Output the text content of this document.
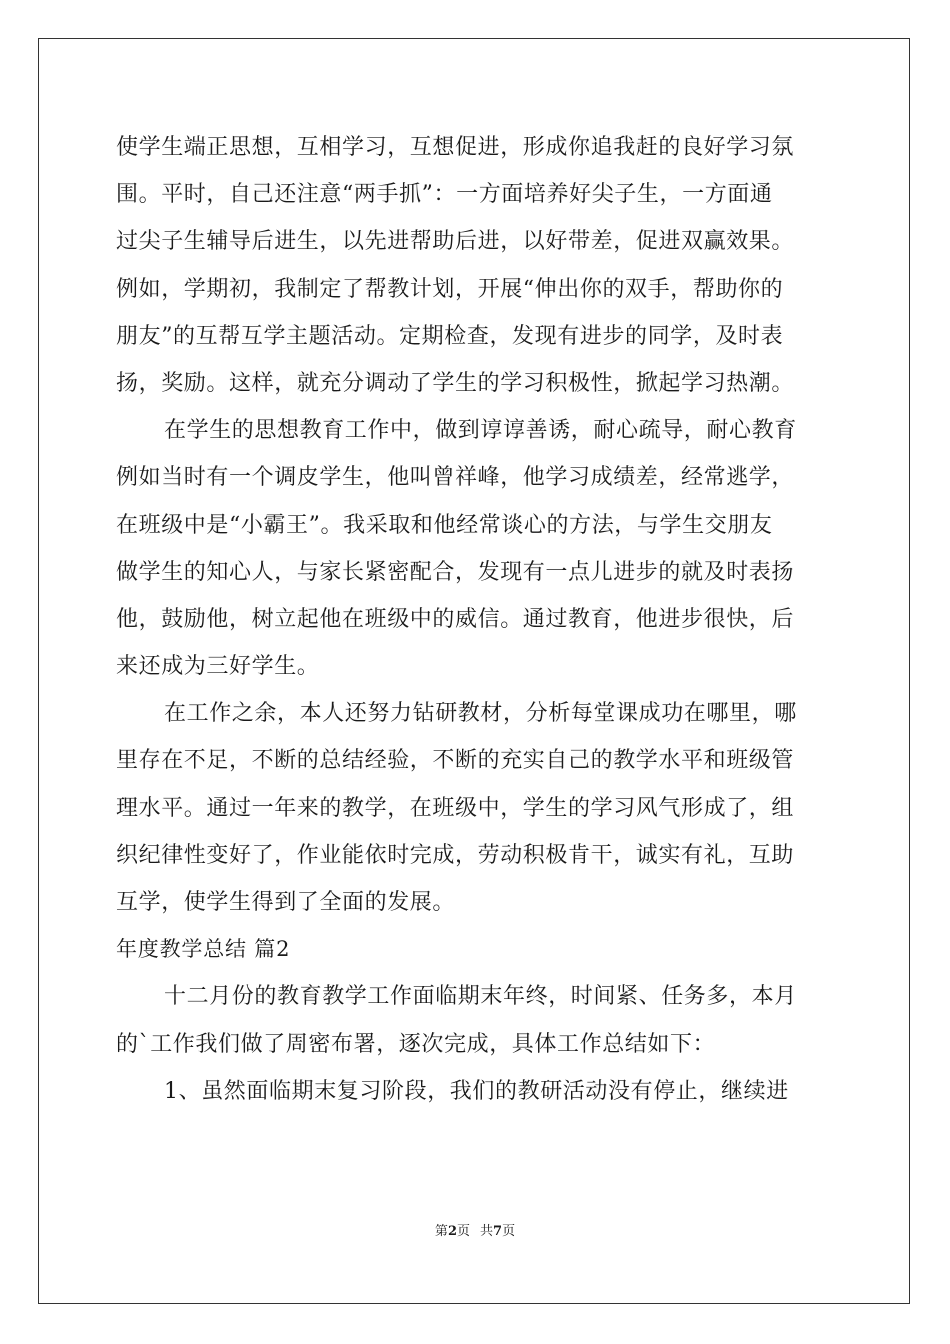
使学生端正思想，互相学习，互想促进，形成你追我赶的良好学习氛
围。平时，自己还注意“两手抓”：一方面培养好尖子生，一方面通
过尖子生辅导后进生，以先进帮助后进，以好带差，促进双赢效果。
例如，学期初，我制定了帮教计划，开展“伸出你的双手，帮助你的
朋友”的互帮互学主题活动。定期检查，发现有进步的同学，及时表
扬，奖励。这样，就充分调动了学生的学习积极性，掀起学习热潮。
在学生的思想教育工作中，做到谆谆善诱，耐心疏导，耐心教育
例如当时有一个调皮学生，他叫曾祥峰，他学习成绩差，经常逃学，
在班级中是“小霸王”。我采取和他经常谈心的方法，与学生交朋友
做学生的知心人，与家长紧密配合，发现有一点儿进步的就及时表扬
他，鼓励他，树立起他在班级中的威信。通过教育，他进步很快，后
来还成为三好学生。
在工作之余，本人还努力钻研教材，分析每堂课成功在哪里，哪
里存在不足，不断的总结经验，不断的充实自己的教学水平和班级管
理水平。通过一年来的教学，在班级中，学生的学习风气形成了，组
织纪律性变好了，作业能依时完成，劳动积极肯干，诚实有礼，互助
互学，使学生得到了全面的发展。
年度教学总结 篇2
十二月份的教育教学工作面临期末年终，时间紧、任务多，本月
的`工作我们做了周密布署，逐次完成，具体工作总结如下：
1、虽然面临期末复习阶段，我们的教研活动没有停止，继续进
第2页 共7页
